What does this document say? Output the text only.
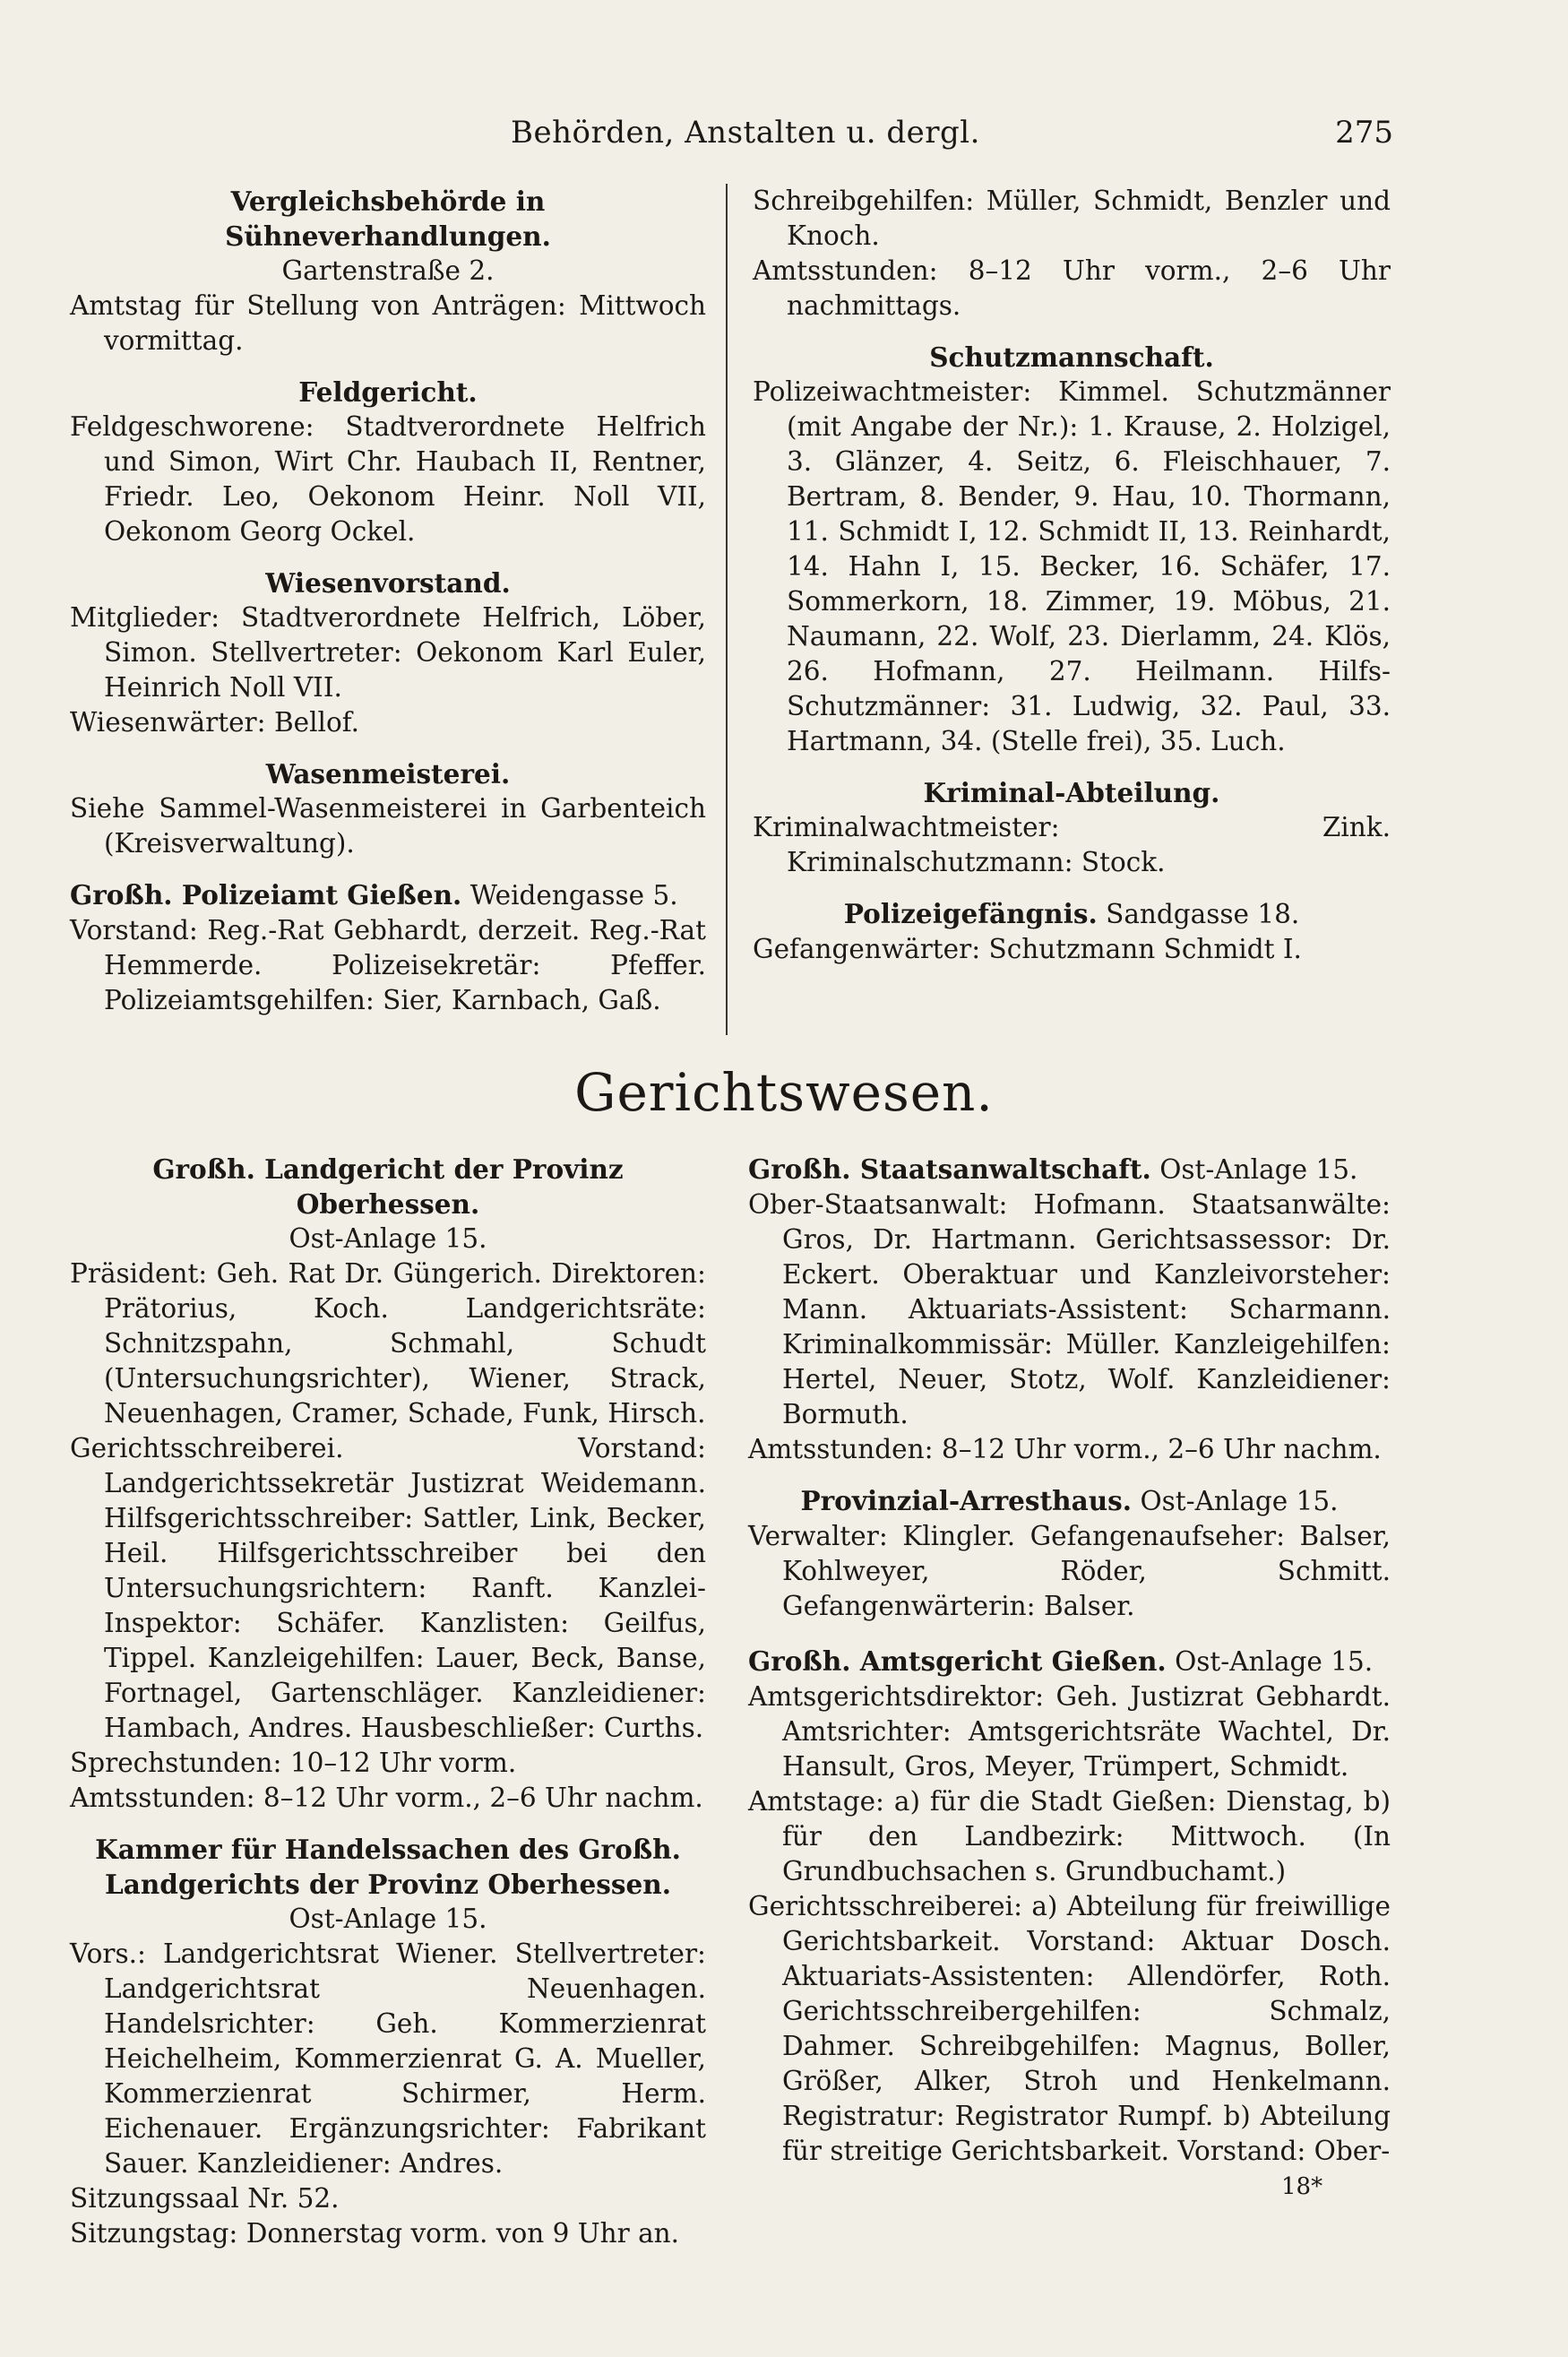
Behörden, Anstalten u. dergl.	275

Vergleichsbehörde in Sühneverhandlungen.

Gartenstraße 2.

Amtstag für Stellung von Anträgen: Mittwoch vormittag.

Feldgericht.

Feldgeschworene: Stadtverordnete Helfrich und Simon, Wirt Chr. Haubach II, Rentner, Friedr. Leo, Oekonom Heinr. Noll VII, Oekonom Georg Ockel.

Wiesenvorstand.

Mitglieder: Stadtverordnete Helfrich, Löber, Simon. Stellvertreter: Oekonom Karl Euler, Heinrich Noll VII.

Wiesenwärter: Bellof.

Wasenmeisterei.

Siehe Sammel-Wasenmeisterei in Garbenteich (Kreisverwaltung).

Großh. Polizeiamt Gießen. Weidengasse 5.

Vorstand: Reg.-Rat Gebhardt, derzeit. Reg.-Rat Hemmerde. Polizeisekretär: Pfeffer. Polizeiamtsgehilfen: Sier, Karnbach, Gaß.

Schreibgehilfen: Müller, Schmidt, Benzler und Knoch.

Amtsstunden: 8–12 Uhr vorm., 2–6 Uhr nachmittags.

Schutzmannschaft.

Polizeiwachtmeister: Kimmel. Schutzmänner (mit Angabe der Nr.): 1. Krause, 2. Holzigel, 3. Glänzer, 4. Seitz, 6. Fleischhauer, 7. Bertram, 8. Bender, 9. Hau, 10. Thormann, 11. Schmidt I, 12. Schmidt II, 13. Reinhardt, 14. Hahn I, 15. Becker, 16. Schäfer, 17. Sommerkorn, 18. Zimmer, 19. Möbus, 21. Naumann, 22. Wolf, 23. Dierlamm, 24. Klös, 26. Hofmann, 27. Heilmann. Hilfs-Schutzmänner: 31. Ludwig, 32. Paul, 33. Hartmann, 34. (Stelle frei), 35. Luch.

Kriminal-Abteilung.

Kriminalwachtmeister: Zink. Kriminalschutzmann: Stock.

Polizeigefängnis. Sandgasse 18.

Gefangenwärter: Schutzmann Schmidt I.

Gerichtswesen.

Großh. Landgericht der Provinz Oberhessen.

Ost-Anlage 15.

Präsident: Geh. Rat Dr. Güngerich. Direktoren: Prätorius, Koch. Landgerichtsräte: Schnitzspahn, Schmahl, Schudt (Untersuchungsrichter), Wiener, Strack, Neuenhagen, Cramer, Schade, Funk, Hirsch.

Gerichtsschreiberei. Vorstand: Landgerichtssekretär Justizrat Weidemann. Hilfsgerichtsschreiber: Sattler, Link, Becker, Heil. Hilfsgerichtsschreiber bei den Untersuchungsrichtern: Ranft. Kanzlei-Inspektor: Schäfer. Kanzlisten: Geilfus, Tippel. Kanzleigehilfen: Lauer, Beck, Banse, Fortnagel, Gartenschläger. Kanzleidiener: Hambach, Andres. Hausbeschließer: Curths.

Sprechstunden: 10–12 Uhr vorm.

Amtsstunden: 8–12 Uhr vorm., 2–6 Uhr nachm.

Kammer für Handelssachen des Großh. Landgerichts der Provinz Oberhessen.

Ost-Anlage 15.

Vors.: Landgerichtsrat Wiener. Stellvertreter: Landgerichtsrat Neuenhagen. Handelsrichter: Geh. Kommerzienrat Heichelheim, Kommerzienrat G. A. Mueller, Kommerzienrat Schirmer, Herm. Eichenauer. Ergänzungsrichter: Fabrikant Sauer. Kanzleidiener: Andres.

Sitzungssaal Nr. 52.

Sitzungstag: Donnerstag vorm. von 9 Uhr an.

Großh. Staatsanwaltschaft. Ost-Anlage 15.

Ober-Staatsanwalt: Hofmann. Staatsanwälte: Gros, Dr. Hartmann. Gerichtsassessor: Dr. Eckert. Oberaktuar und Kanzleivorsteher: Mann. Aktuariats-Assistent: Scharmann. Kriminalkommissär: Müller. Kanzleigehilfen: Hertel, Neuer, Stotz, Wolf. Kanzleidiener: Bormuth.

Amtsstunden: 8–12 Uhr vorm., 2–6 Uhr nachm.

Provinzial-Arresthaus. Ost-Anlage 15.

Verwalter: Klingler. Gefangenaufseher: Balser, Kohlweyer, Röder, Schmitt. Gefangenwärterin: Balser.

Großh. Amtsgericht Gießen. Ost-Anlage 15.

Amtsgerichtsdirektor: Geh. Justizrat Gebhardt. Amtsrichter: Amtsgerichtsräte Wachtel, Dr. Hansult, Gros, Meyer, Trümpert, Schmidt.

Amtstage: a) für die Stadt Gießen: Dienstag, b) für den Landbezirk: Mittwoch. (In Grundbuchsachen s. Grundbuchamt.)

Gerichtsschreiberei: a) Abteilung für freiwillige Gerichtsbarkeit. Vorstand: Aktuar Dosch. Aktuariats-Assistenten: Allendörfer, Roth. Gerichtsschreibergehilfen: Schmalz, Dahmer. Schreibgehilfen: Magnus, Boller, Größer, Alker, Stroh und Henkelmann. Registratur: Registrator Rumpf. b) Abteilung für streitige Gerichtsbarkeit. Vorstand: Ober-

18*
